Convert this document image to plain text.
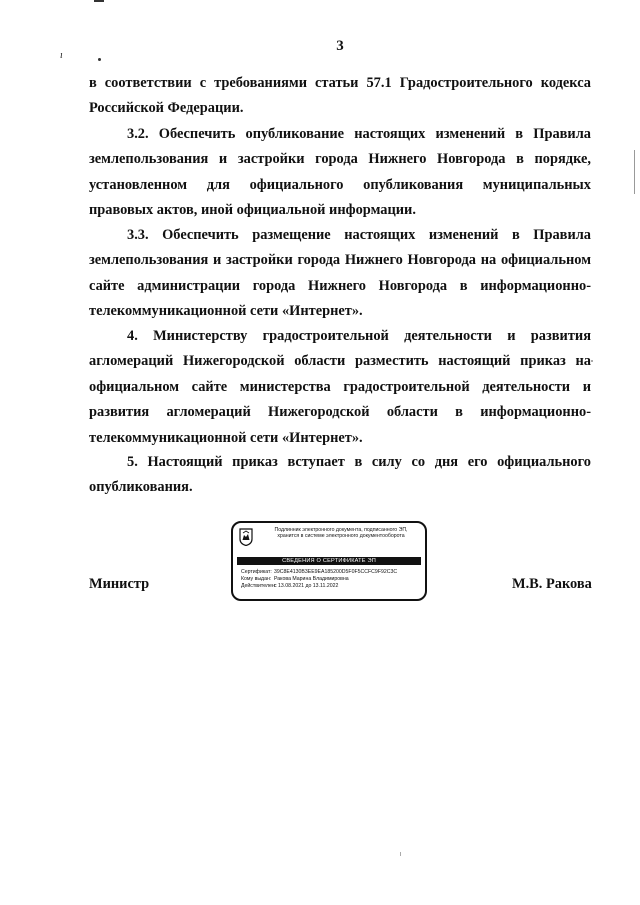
ı
3

в соответствии с требованиями статьи 57.1 Градостроительного кодекса Российской Федерации.

3.2. Обеспечить опубликование настоящих изменений в Правила землепользования и застройки города Нижнего Новгорода в порядке, установленном для официального опубликования муниципальных правовых актов, иной официальной информации.

3.3. Обеспечить размещение настоящих изменений в Правила землепользования и застройки города Нижнего Новгорода на официальном сайте администрации города Нижнего Новгорода в информационно-телекоммуникационной сети «Интернет».

4. Министерству градостроительной деятельности и развития агломераций Нижегородской области разместить настоящий приказ на официальном сайте министерства градостроительной деятельности и развития агломераций Нижегородской области в информационно-телекоммуникационной сети «Интернет».

5. Настоящий приказ вступает в силу со дня его официального опубликования.

Министр	М.В. Ракова
Подлинник электронного документа, подписанного ЭП,
хранится в системе электронного документооборота
СВЕДЕНИЯ О СЕРТИФИКАТЕ ЭП
Сертификат: 39C8E4130B3EE9EA185200D5F0F5CCFC9F92C3C
Кому выдан: Ракова Марина Владимировна
Действителен:с 13.08.2021 до 13.11.2022
